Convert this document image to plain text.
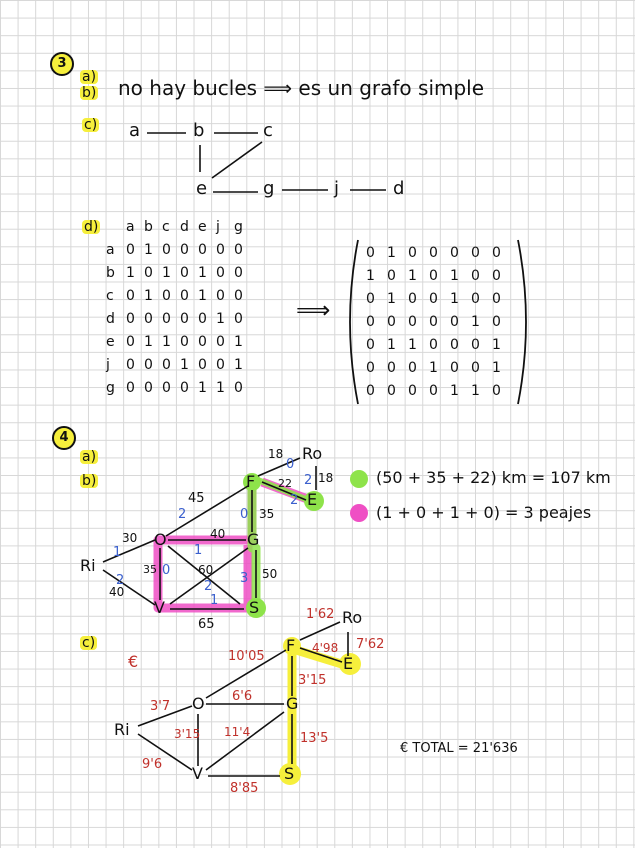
3
a)
b) no hay bucles ⟹ es un grafo simple
c) a	b	c
e	g	j	d
d) a b c d e j g
a 0 1 0 0 0 0 0
b 1 0 1 0 1 0 0
c 0 1 0 0 1 0 0
d 0 0 0 0 0 1 0
e 0 1 1 0 0 0 1
j 0 0 0 1 0 0 1
g 0 0 0 0 1 1 0
⟹
0 1 0 0 0 0 0
1 0 1 0 1 0 0
0 1 0 0 1 0 0
0 0 0 0 0 1 0
0 1 1 0 0 0 1
0 0 0 1 0 0 1
0 0 0 0 1 1 0
4
a)
b)
Ro
F
E
G
O
Ri
V	S
18
18
22
45
35
30	40
60
35	50
40
65
0
2
2
1
2	0
1
2
0
2	3
1
(50 + 35 + 22) km = 107 km
(1 + 0 + 1 + 0) = 3 peajes
c)
€
Ro
F
E
G
O
Ri
V	S
1'62
7'62
4'98
10'05
3'15
6'6
3'7
3'15 11'4	13'5
9'6
8'85
€ TOTAL = 21'636
